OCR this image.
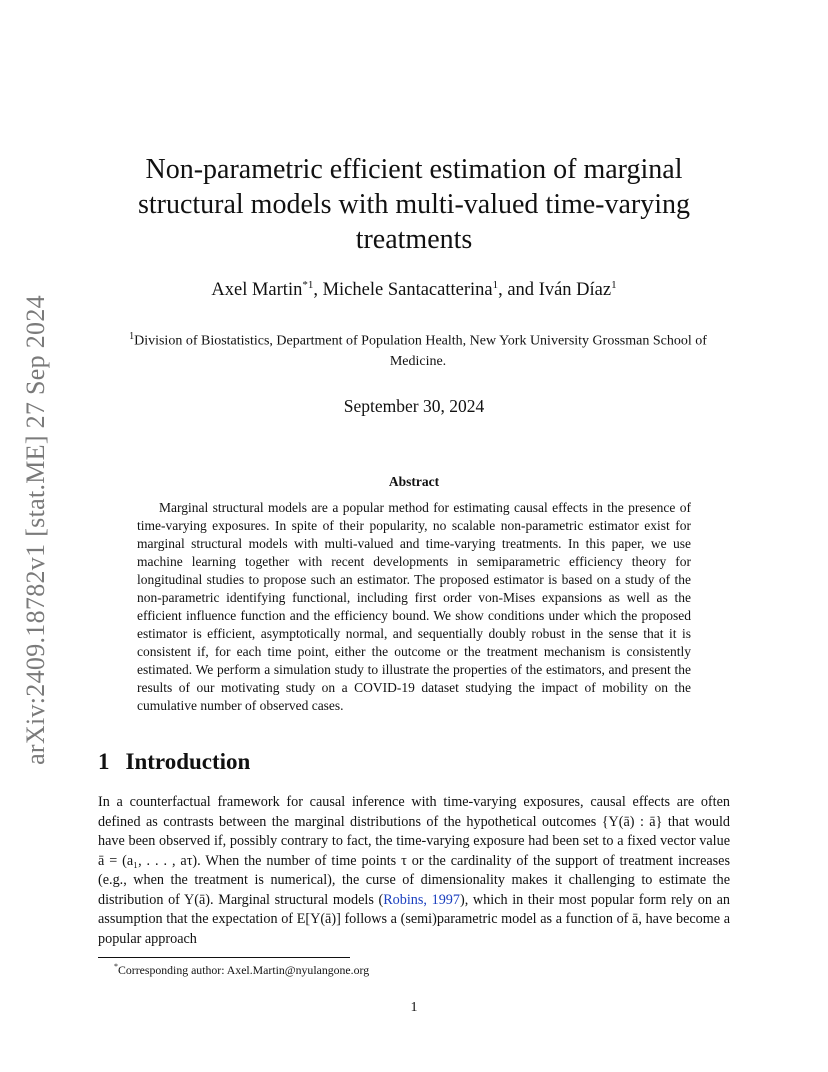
arXiv:2409.18782v1 [stat.ME] 27 Sep 2024
Non-parametric efficient estimation of marginal structural models with multi-valued time-varying treatments
Axel Martin$^{*1}$, Michele Santacatterina$^1$, and Iván Díaz$^1$
$^1$Division of Biostatistics, Department of Population Health, New York University Grossman School of Medicine.
September 30, 2024
Abstract

Marginal structural models are a popular method for estimating causal effects in the presence of time-varying exposures. In spite of their popularity, no scalable non-parametric estimator exist for marginal structural models with multi-valued and time-varying treatments. In this paper, we use machine learning together with recent developments in semiparametric efficiency theory for longitudinal studies to propose such an estimator. The proposed estimator is based on a study of the non-parametric identifying functional, including first order von-Mises expansions as well as the efficient influence function and the efficiency bound. We show conditions under which the proposed estimator is efficient, asymptotically normal, and sequentially doubly robust in the sense that it is consistent if, for each time point, either the outcome or the treatment mechanism is consistently estimated. We perform a simulation study to illustrate the properties of the estimators, and present the results of our motivating study on a COVID-19 dataset studying the impact of mobility on the cumulative number of observed cases.

1 Introduction

In a counterfactual framework for causal inference with time-varying exposures, causal effects are often defined as contrasts between the marginal distributions of the hypothetical outcomes {Y(ā) : ā} that would have been observed if, possibly contrary to fact, the time-varying exposure had been set to a fixed vector value ā = (a₁, . . . , aτ). When the number of time points τ or the cardinality of the support of treatment increases (e.g., when the treatment is numerical), the curse of dimensionality makes it challenging to estimate the distribution of Y(ā). Marginal structural models (Robins, 1997), which in their most popular form rely on an assumption that the expectation of E[Y(ā)] follows a (semi)parametric model as a function of ā, have become a popular approach

*Corresponding author: Axel.Martin@nyulangone.org
1
